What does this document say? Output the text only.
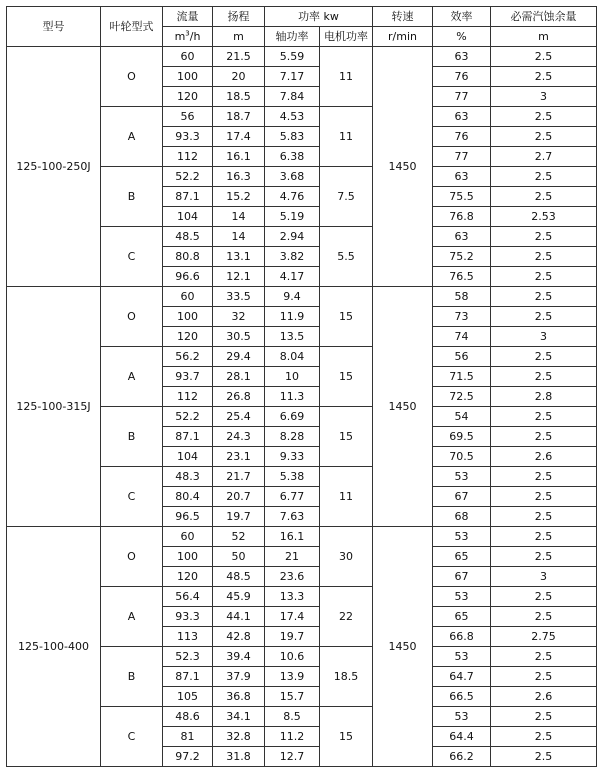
型号	叶轮型式	流量	扬程	功率 kw		转速	效率	必需汽蚀余量
		$m^3/h$	m	轴功率	电机功率	r/min	%	m
125-100-250J	O	60	21.5	5.59	11	1450	63	2.5
		100	20	7.17			76	2.5
		120	18.5	7.84			77	3
	A	56	18.7	4.53	11		63	2.5
		93.3	17.4	5.83			76	2.5
		112	16.1	6.38			77	2.7
	B	52.2	16.3	3.68	7.5		63	2.5
		87.1	15.2	4.76			75.5	2.5
		104	14	5.19			76.8	2.53
	C	48.5	14	2.94	5.5		63	2.5
		80.8	13.1	3.82			75.2	2.5
		96.6	12.1	4.17			76.5	2.5
125-100-315J	O	60	33.5	9.4	15	1450	58	2.5
		100	32	11.9			73	2.5
		120	30.5	13.5			74	3
	A	56.2	29.4	8.04	15		56	2.5
		93.7	28.1	10			71.5	2.5
		112	26.8	11.3			72.5	2.8
	B	52.2	25.4	6.69	15		54	2.5
		87.1	24.3	8.28			69.5	2.5
		104	23.1	9.33			70.5	2.6
	C	48.3	21.7	5.38	11		53	2.5
		80.4	20.7	6.77			67	2.5
		96.5	19.7	7.63			68	2.5
125-100-400	O	60	52	16.1	30	1450	53	2.5
		100	50	21			65	2.5
		120	48.5	23.6			67	3
	A	56.4	45.9	13.3	22		53	2.5
		93.3	44.1	17.4			65	2.5
		113	42.8	19.7			66.8	2.75
	B	52.3	39.4	10.6	18.5		53	2.5
		87.1	37.9	13.9			64.7	2.5
		105	36.8	15.7			66.5	2.6
	C	48.6	34.1	8.5	15		53	2.5
		81	32.8	11.2			64.4	2.5
		97.2	31.8	12.7			66.2	2.5
